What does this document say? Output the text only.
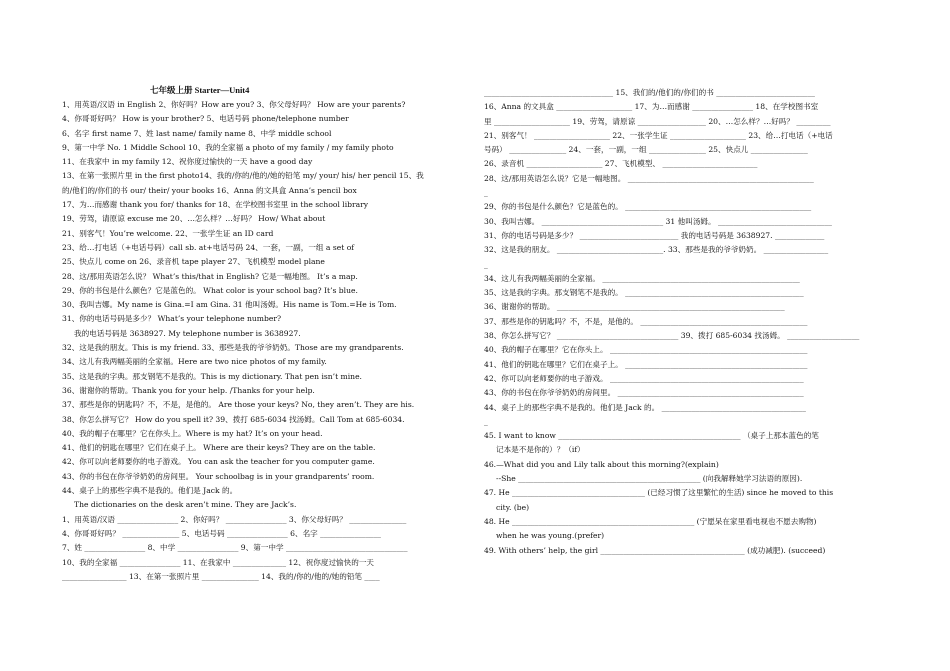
七年级上册 Starter—Unit4
1、用英语/汉语 in English 2、你好吗？How are you? 3、你父母好吗？ How are your parents?
4、你哥哥好吗？ How is your brother? 5、电话号码 phone/telephone number
6、名字 first name 7、姓 last name/ family name 8、中学 middle school
9、第一中学 No. 1 Middle School 10、我的全家福 a photo of my family / my family photo
11、在我家中 in my family 12、祝你度过愉快的一天 have a good day
13、在第一张照片里 in the first photo14、我的/你的/他的/她的铅笔 my/ your/ his/ her pencil 15、我
的/他们的/你们的书 our/ their/ your books 16、Anna 的文具盒 Anna’s pencil box
17、为…而感谢 thank you for/ thanks for 18、在学校图书室里 in the school library
19、劳驾，请原谅 excuse me 20、…怎么样？…好吗？ How/ What about
21、别客气！You’re welcome. 22、一张学生证 an ID card
23、给…打电话（+电话号码）call sb. at+电话号码 24、一套，一副，一组 a set of
25、快点儿 come on 26、录音机 tape player 27、飞机模型 model plane
28、这/那用英语怎么说？ What’s this/that in English? 它是一幅地图。 It’s a map.
29、你的书包是什么颜色？它是蓝色的。 What color is your school bag? It’s blue.
30、我叫吉娜。My name is Gina.=I am Gina. 31 他叫汤姆。His name is Tom.=He is Tom.
31、你的电话号码是多少？ What’s your telephone number?
我的电话号码是 3638927. My telephone number is 3638927.
32、这是我的朋友。This is my friend. 33、那些是我的爷爷奶奶。Those are my grandparents.
34、这儿有我两幅美丽的全家福。Here are two nice photos of my family.
35、这是我的字典。那支钢笔不是我的。This is my dictionary. That pen isn’t mine.
36、谢谢你的帮助。Thank you for your help. /Thanks for your help.
37、那些是你的钥匙吗？不，不是，是他的。 Are those your keys? No, they aren’t. They are his.
38、你怎么拼写它？ How do you spell it? 39、拨打 685-6034 找汤姆。Call Tom at 685-6034.
40、我的帽子在哪里？它在你头上。Where is my hat? It’s on your head.
41、他们的钥匙在哪里？它们在桌子上。 Where are their keys? They are on the table.
42、你可以向老师要你的电子游戏。 You can ask the teacher for you computer game.
43、你的书包在你爷爷奶奶的房间里。 Your schoolbag is in your grandparents’ room.
44、桌子上的那些字典不是我的。他们是 Jack 的。
The dictionaries on the desk aren’t mine. They are Jack’s.
1、用英语/汉语 ________________ 2、你好吗？ ________________ 3、你父母好吗？ _______________
4、你哥哥好吗？ _______________ 5、电话号码 ________________ 6、名字 ________________
7、姓 ________________ 8、中学 ________________ 9、第一中学 ________________________________
10、我的全家福 ________________ 11、在我家中 ______________ 12、祝你度过愉快的一天
_________________ 13、在第一张照片里 _______________ 14、我的/你的/他的/她的铅笔 ____
__________________________________ 15、我们的/他们的/你们的书 __________________________
16、Anna 的文具盒 ____________________ 17、为…而感谢 ________________ 18、在学校图书室
里 ____________________ 19、劳驾，请原谅 __________________ 20、…怎么样？…好吗？ _________
21、别客气！ ____________________ 22、一张学生证 ____________________ 23、给…打电话（+电话
号码） _______________ 24、一套，一副，一组 _______________ 25、快点儿 _______________
26、录音机 ____________________ 27、飞机模型、 _________________________
28、这/那用英语怎么说？它是一幅地图。 _________________________________________________
_
29、你的书包是什么颜色？它是蓝色的。 _________________________________________________
30、我叫吉娜。 ________________________________ 31 他叫汤姆。 ______________________________
31、你的电话号码是多少？ __________________________ 我的电话号码是 3638927. _____________
32、这是我的朋友。 ____________________________. 33、那些是我的爷爷奶奶。 _________________
_
34、这儿有我两幅美丽的全家福。 ____________________________________________________
35、这是我的字典。那支钢笔不是我的。 _______________________________________________
36、谢谢你的帮助。 ____________________________________________________________
37、那些是你的钥匙吗？不，不是，是他的。 ____________________________________________
38、你怎么拼写它？ ________________________________ 39、拨打 685-6034 找汤姆。 ___________________
40、我的帽子在哪里？它在你头上。 ____________________________________________________
41、他们的钥匙在哪里？它们在桌子上。 ________________________________________________
42、你可以向老师要你的电子游戏。 ___________________________________________________
43、你的书包在你爷爷奶奶的房间里。 _________________________________________________
44、桌子上的那些字典不是我的。他们是 Jack 的。 ______________________________________
_
45. I want to know ________________________________________________ （桌子上那本蓝色的笔
记本是不是你的）？（if）
46.—What did you and Lily talk about this morning?(explain)
--She ________________________________________________ (向我解释她学习法语的原因).
47. He ___________________________________ (已经习惯了这里繁忙的生活) since he moved to this
city. (be)
48. He ________________________________________________ (宁愿呆在家里看电视也不愿去购物)
when he was young.(prefer)
49. With others’ help, the girl ______________________________________ (成功减肥). (succeed)
